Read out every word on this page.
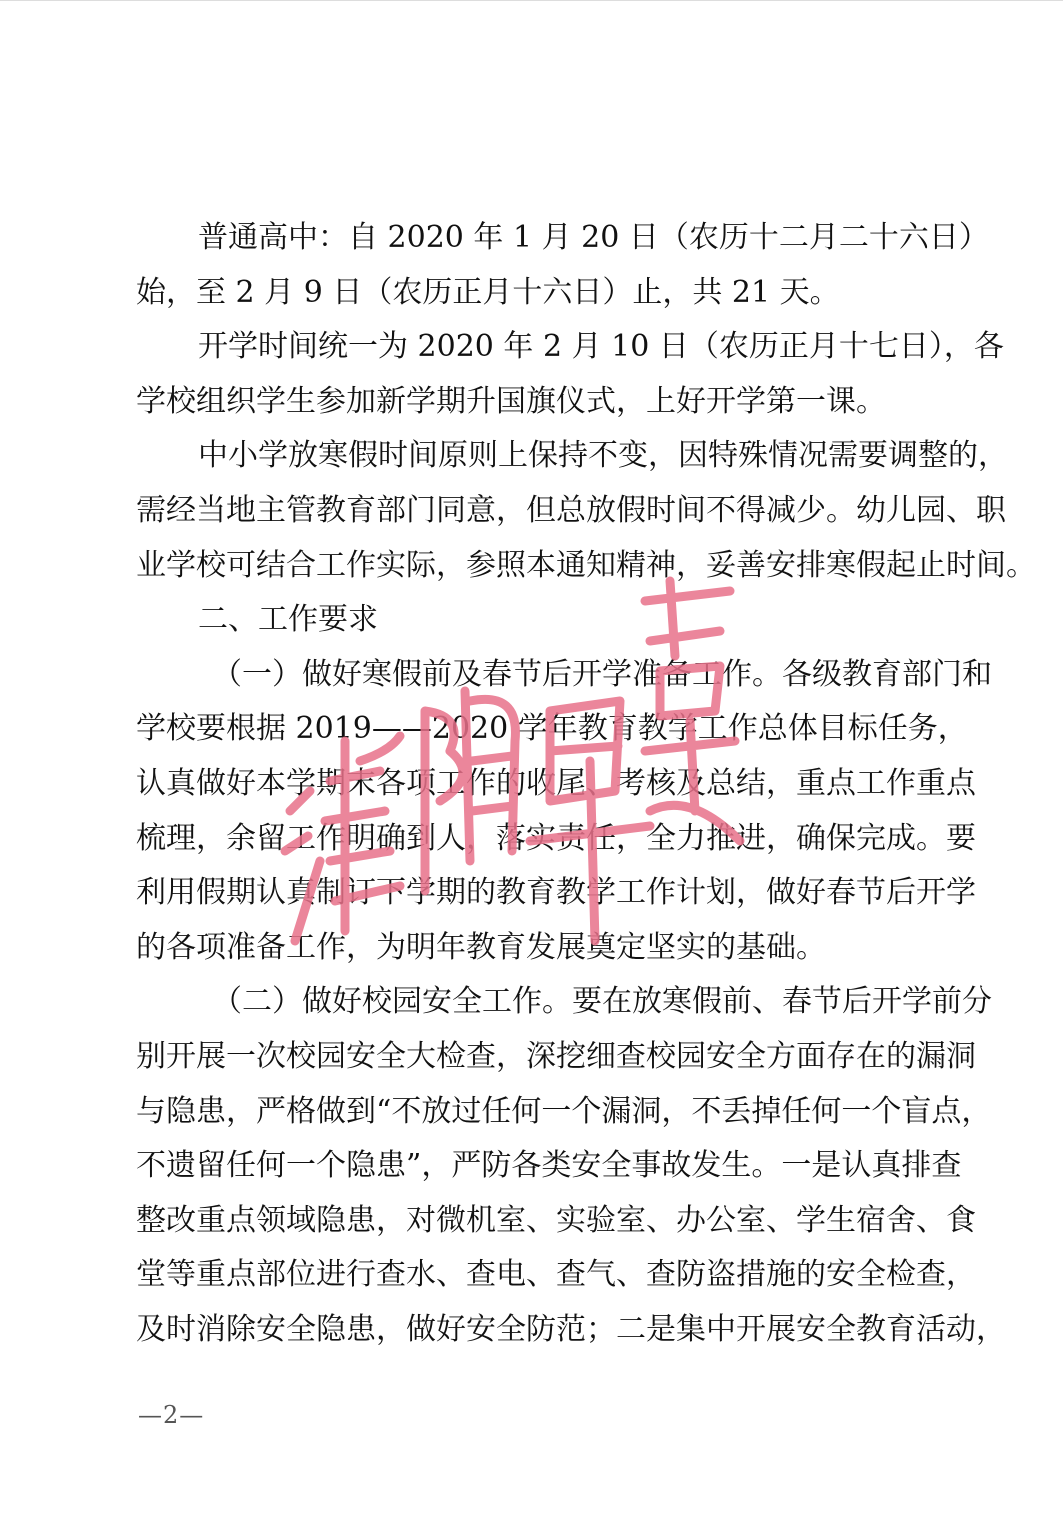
普通高中：自 2020 年 1 月 20 日（农历十二月二十六日）
始，至 2 月 9 日（农历正月十六日）止，共 21 天。
开学时间统一为 2020 年 2 月 10 日（农历正月十七日），各
学校组织学生参加新学期升国旗仪式，上好开学第一课。
中小学放寒假时间原则上保持不变，因特殊情况需要调整的，
需经当地主管教育部门同意，但总放假时间不得减少。幼儿园、职
业学校可结合工作实际，参照本通知精神，妥善安排寒假起止时间。
二、工作要求
（一）做好寒假前及春节后开学准备工作。各级教育部门和
学校要根据 2019——2020 学年教育教学工作总体目标任务，
认真做好本学期末各项工作的收尾、考核及总结，重点工作重点
梳理，余留工作明确到人，落实责任，全力推进，确保完成。要
利用假期认真制订下学期的教育教学工作计划，做好春节后开学
的各项准备工作，为明年教育发展奠定坚实的基础。
（二）做好校园安全工作。要在放寒假前、春节后开学前分
别开展一次校园安全大检查，深挖细查校园安全方面存在的漏洞
与隐患，严格做到“不放过任何一个漏洞，不丢掉任何一个盲点，
不遗留任何一个隐患”，严防各类安全事故发生。一是认真排查
整改重点领域隐患，对微机室、实验室、办公室、学生宿舍、食
堂等重点部位进行查水、查电、查气、查防盗措施的安全检查，
及时消除安全隐患，做好安全防范；二是集中开展安全教育活动，
—2—
